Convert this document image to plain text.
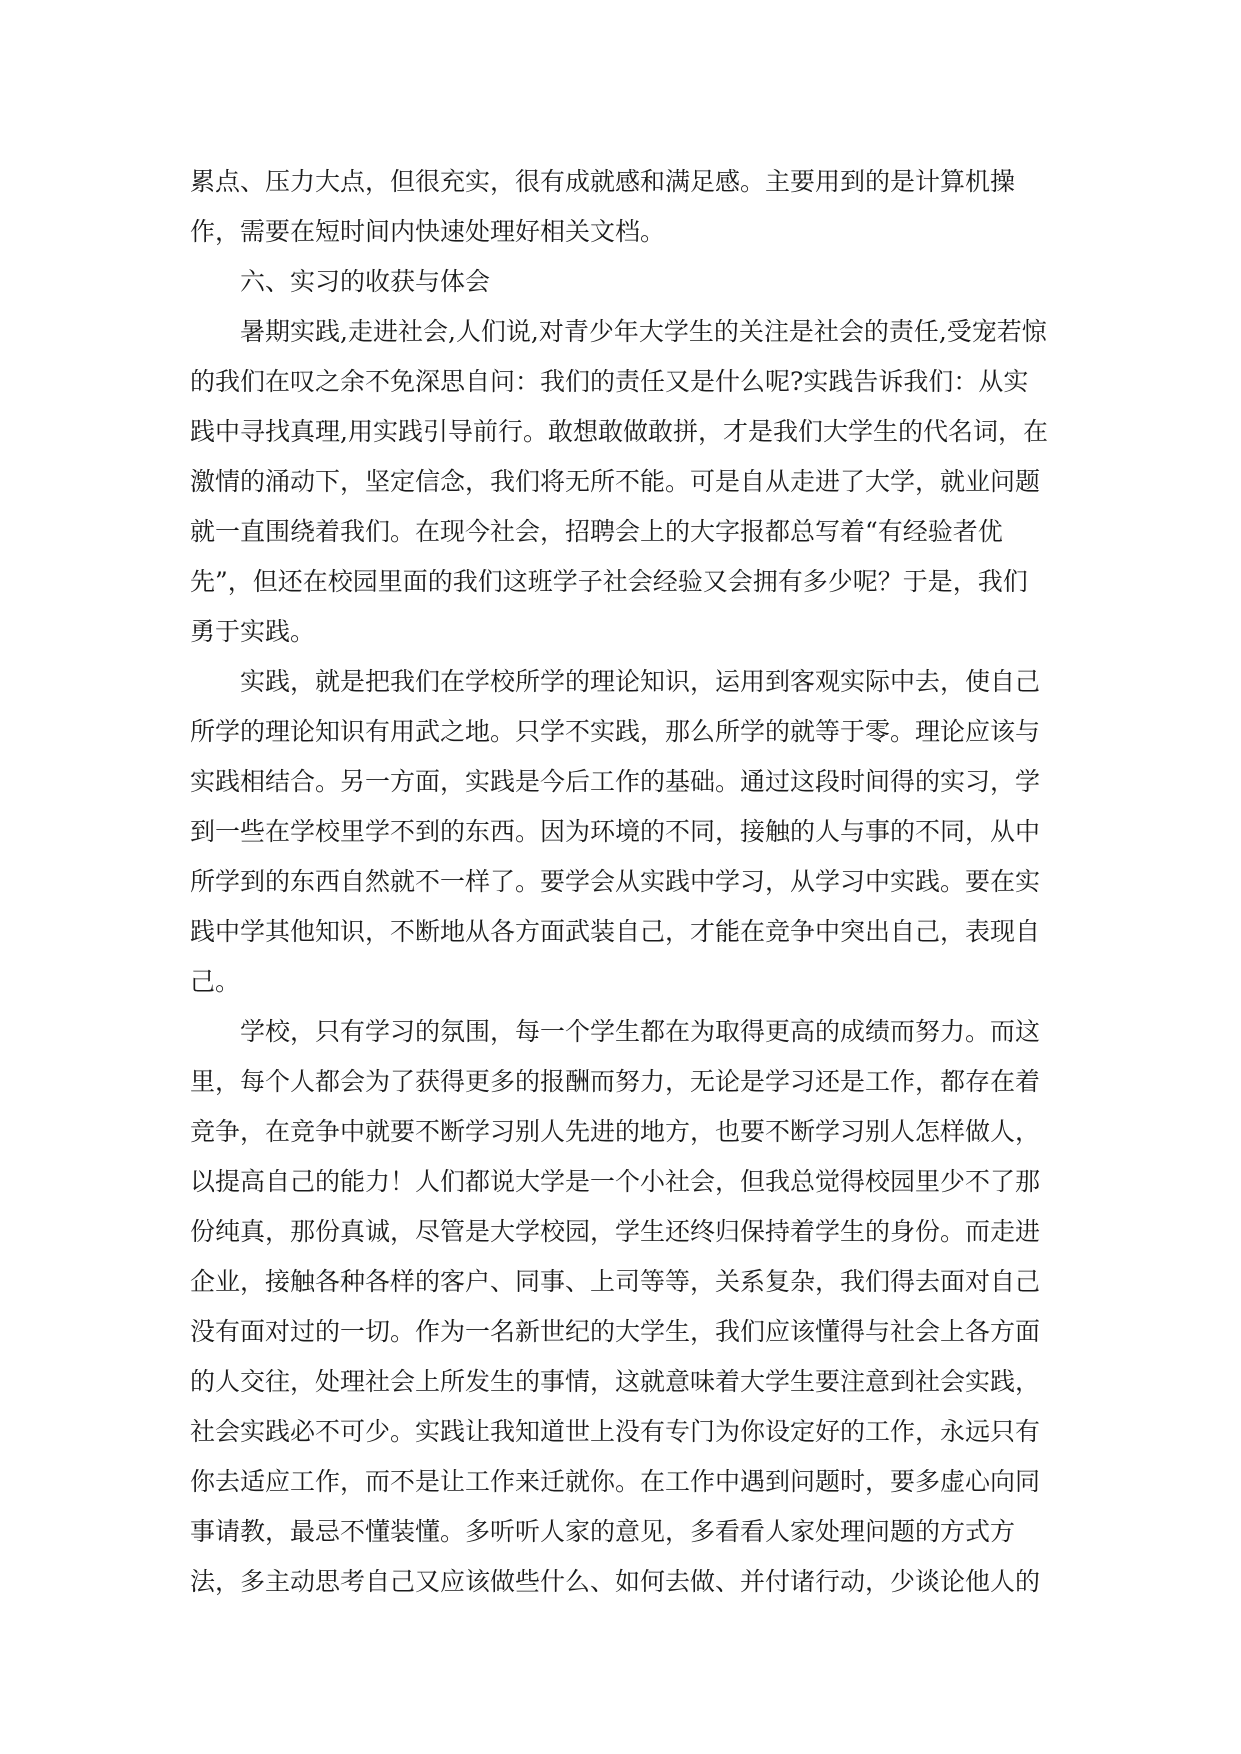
累点、压力大点，但很充实，很有成就感和满足感。主要用到的是计算机操作，需要在短时间内快速处理好相关文档。

六、实习的收获与体会

暑期实践,走进社会,人们说,对青少年大学生的关注是社会的责任,受宠若惊的我们在叹之余不免深思自问：我们的责任又是什么呢?实践告诉我们：从实践中寻找真理,用实践引导前行。敢想敢做敢拼，才是我们大学生的代名词，在激情的涌动下，坚定信念，我们将无所不能。可是自从走进了大学，就业问题就一直围绕着我们。在现今社会，招聘会上的大字报都总写着“有经验者优先”，但还在校园里面的我们这班学子社会经验又会拥有多少呢？于是，我们勇于实践。

实践，就是把我们在学校所学的理论知识，运用到客观实际中去，使自己所学的理论知识有用武之地。只学不实践，那么所学的就等于零。理论应该与实践相结合。另一方面，实践是今后工作的基础。通过这段时间得的实习，学到一些在学校里学不到的东西。因为环境的不同，接触的人与事的不同，从中所学到的东西自然就不一样了。要学会从实践中学习，从学习中实践。要在实践中学其他知识，不断地从各方面武装自己，才能在竞争中突出自己，表现自己。

学校，只有学习的氛围，每一个学生都在为取得更高的成绩而努力。而这里，每个人都会为了获得更多的报酬而努力，无论是学习还是工作，都存在着竞争，在竞争中就要不断学习别人先进的地方，也要不断学习别人怎样做人，以提高自己的能力！人们都说大学是一个小社会，但我总觉得校园里少不了那份纯真，那份真诚，尽管是大学校园，学生还终归保持着学生的身份。而走进企业，接触各种各样的客户、同事、上司等等，关系复杂，我们得去面对自己没有面对过的一切。作为一名新世纪的大学生，我们应该懂得与社会上各方面的人交往，处理社会上所发生的事情，这就意味着大学生要注意到社会实践，社会实践必不可少。实践让我知道世上没有专门为你设定好的工作，永远只有你去适应工作，而不是让工作来迁就你。在工作中遇到问题时，要多虚心向同事请教，最忌不懂装懂。多听听人家的意见，多看看人家处理问题的方式方法，多主动思考自己又应该做些什么、如何去做、并付诸行动，少谈论他人的
